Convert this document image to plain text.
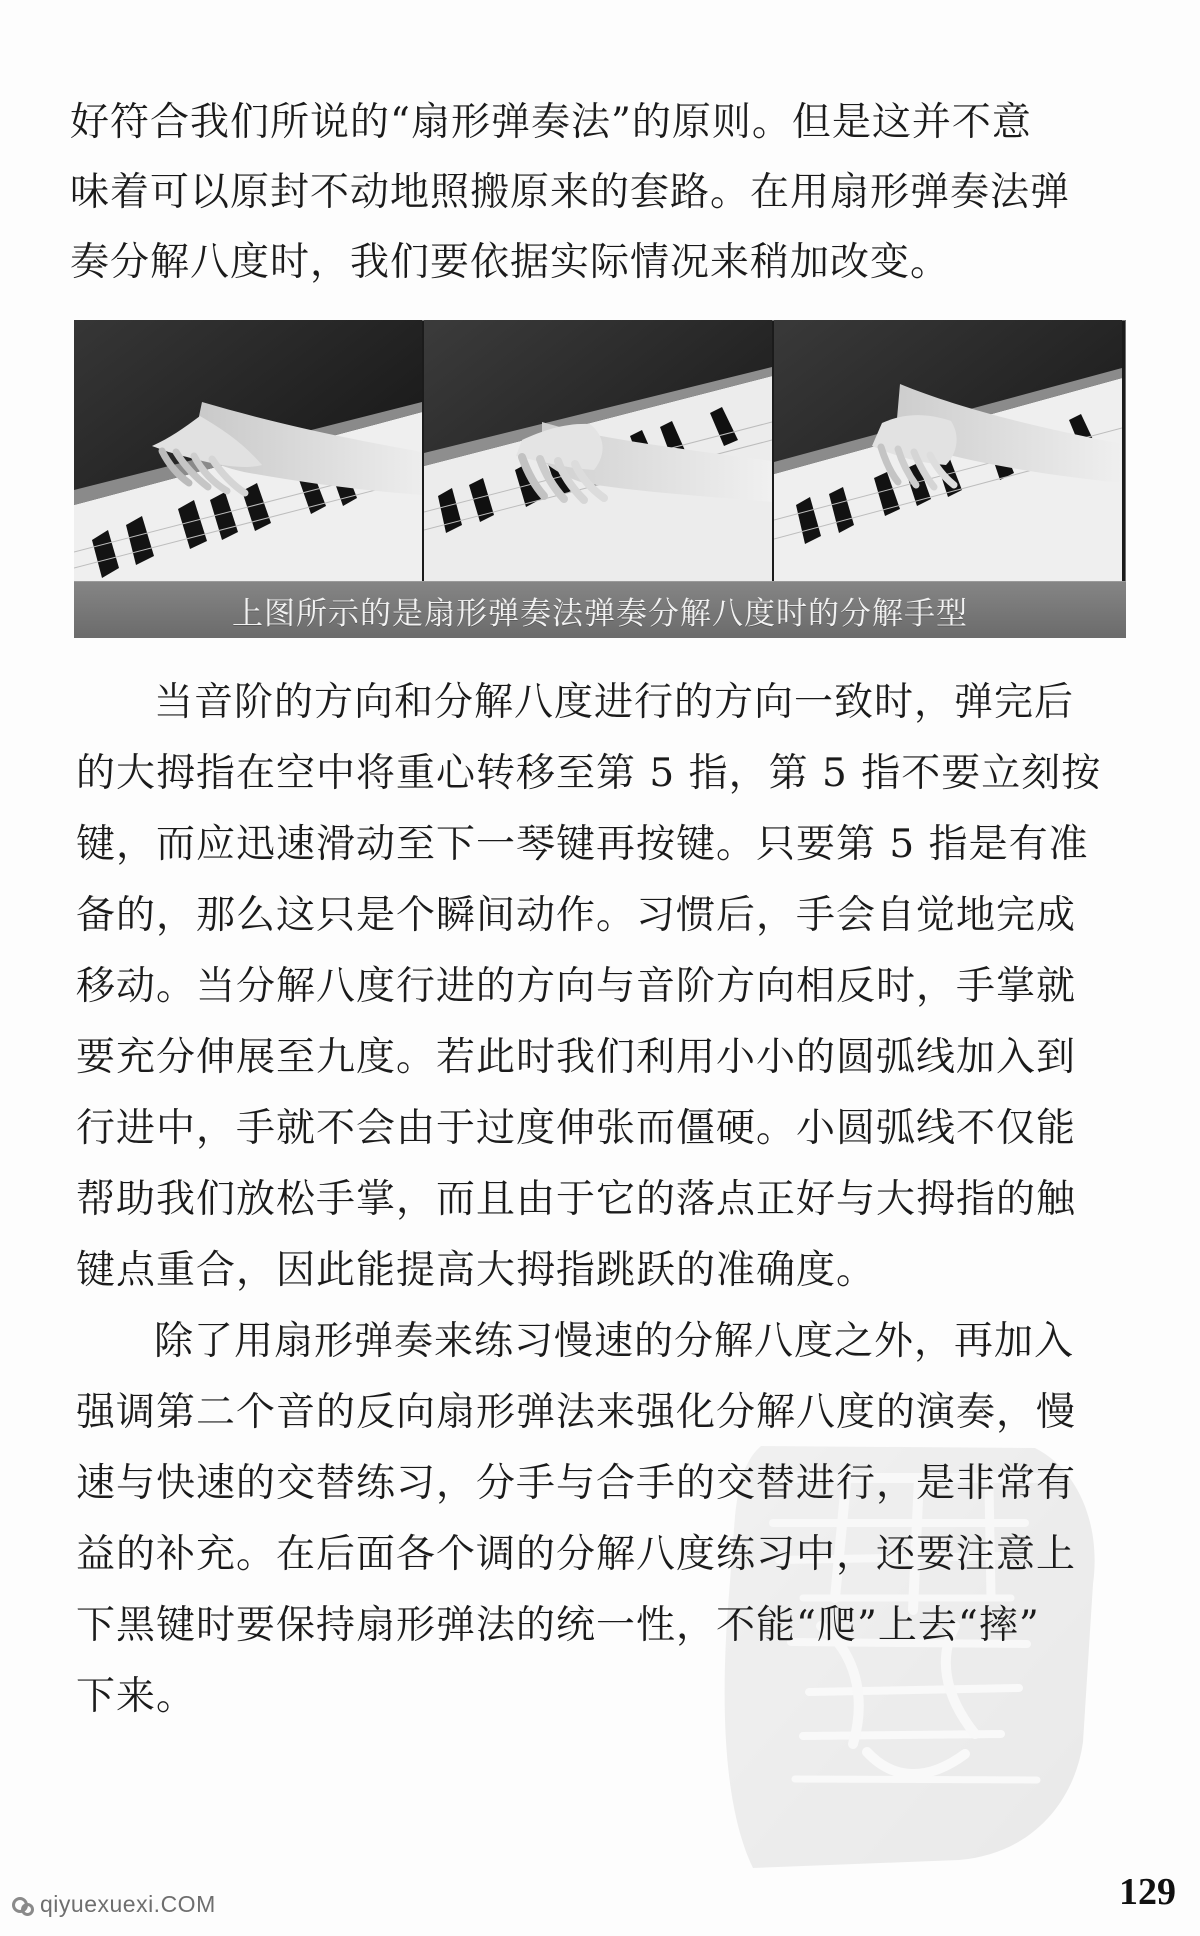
好符合我们所说的“扇形弹奏法”的原则。但是这并不意

味着可以原封不动地照搬原来的套路。在用扇形弹奏法弹

奏分解八度时，我们要依据实际情况来稍加改变。

上图所示的是扇形弹奏法弹奏分解八度时的分解手型

当音阶的方向和分解八度进行的方向一致时，弹完后

的大拇指在空中将重心转移至第 5 指，第 5 指不要立刻按

键，而应迅速滑动至下一琴键再按键。只要第 5 指是有准

备的，那么这只是个瞬间动作。习惯后，手会自觉地完成

移动。当分解八度行进的方向与音阶方向相反时，手掌就

要充分伸展至九度。若此时我们利用小小的圆弧线加入到

行进中，手就不会由于过度伸张而僵硬。小圆弧线不仅能

帮助我们放松手掌，而且由于它的落点正好与大拇指的触

键点重合，因此能提高大拇指跳跃的准确度。

除了用扇形弹奏来练习慢速的分解八度之外，再加入

强调第二个音的反向扇形弹法来强化分解八度的演奏，慢

速与快速的交替练习，分手与合手的交替进行，是非常有

益的补充。在后面各个调的分解八度练习中，还要注意上

下黑键时要保持扇形弹法的统一性，不能“爬”上去“摔”

下来。

129
qiyuexuexi.COM
